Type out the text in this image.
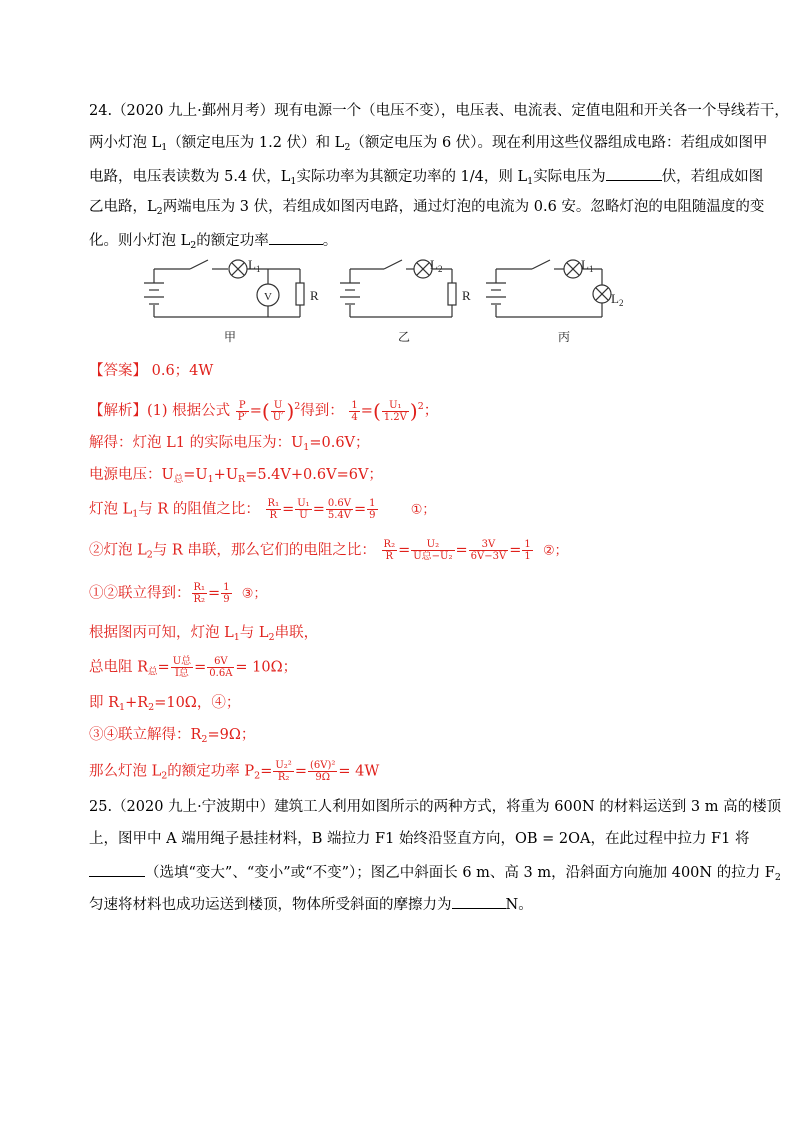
24.（2020 九上·鄞州月考）现有电源一个（电压不变），电压表、电流表、定值电阻和开关各一个导线若干，
两小灯泡 $L_1$（额定电压为 1.2 伏）和 $L_2$（额定电压为 6 伏）。现在利用这些仪器组成电路：若组成如图甲
电路，电压表读数为 5.4 伏，$L_1$实际功率为其额定功率的 1/4，则 $L_1$实际电压为	伏，若组成如图
乙电路，$L_2$两端电压为 3 伏，若组成如图丙电路，通过灯泡的电流为 0.6 安。忽略灯泡的电阻随温度的变
化。则小灯泡 $L_2$的额定功率	。
$L_1$
V	R
甲
$L_2$
R
乙
$L_1$
$L_2$
丙
【答案】 0.6；4W
【解析】(1) 根据公式 $\frac{P}{P'}$ =( $\frac{U}{U'} )^2$得到： $\frac{1}{4}$ =( $\frac{\text{U₁}}{1.2V} )^2$；
解得：灯泡 L1 的实际电压为：$U_1=0.6V$；
电源电压：$U_总=U_1+U_R=5.4V+0.6V=6V$；
灯泡 $L_1$与 R 的阻值之比： $\frac{\text{R₁}}{R} = \frac{\text{U₁}}{U} = \frac{0.6V}{5.4V} = \frac{1}{9}$	①；
②灯泡 $L_2$与 R 串联，那么它们的电阻之比： $\frac{\text{R₂}}{R} = \frac{\text{U₂}}{\text{U总−U₂}} = \frac{3V}{6V-3V} = \frac{1}{1}$ ②；
①②联立得到： $\frac{\text{R₁}}{\text{R₂}} = \frac{1}{9}$ ③；
根据图丙可知，灯泡 $L_1$与 $L_2$串联，
总电阻 $R_总= \frac{\text{U总}}{\text{I总}} = \frac{6V}{0.6A} = 10\Omega$；
即 $R_1+R_2=10\Omega$，④；
③④联立解得：$R_2=9\Omega$；
那么灯泡 $L_2$的额定功率 $P_2= \frac{\text{U₂²}}{\text{R₂}} = \frac{\text{(6V)²}}{9\Omega} = 4W$
25.（2020 九上·宁波期中）建筑工人利用如图所示的两种方式，将重为 600N 的材料运送到 3 m 高的楼顶
上，图甲中 A 端用绳子悬挂材料，B 端拉力 F1 始终沿竖直方向，OB = 2OA，在此过程中拉力 F1 将
（选填“变大”、“变小”或“不变”）；图乙中斜面长 6 m、高 3 m，沿斜面方向施加 400N 的拉力 $F_2$
匀速将材料也成功运送到楼顶，物体所受斜面的摩擦力为	N。
